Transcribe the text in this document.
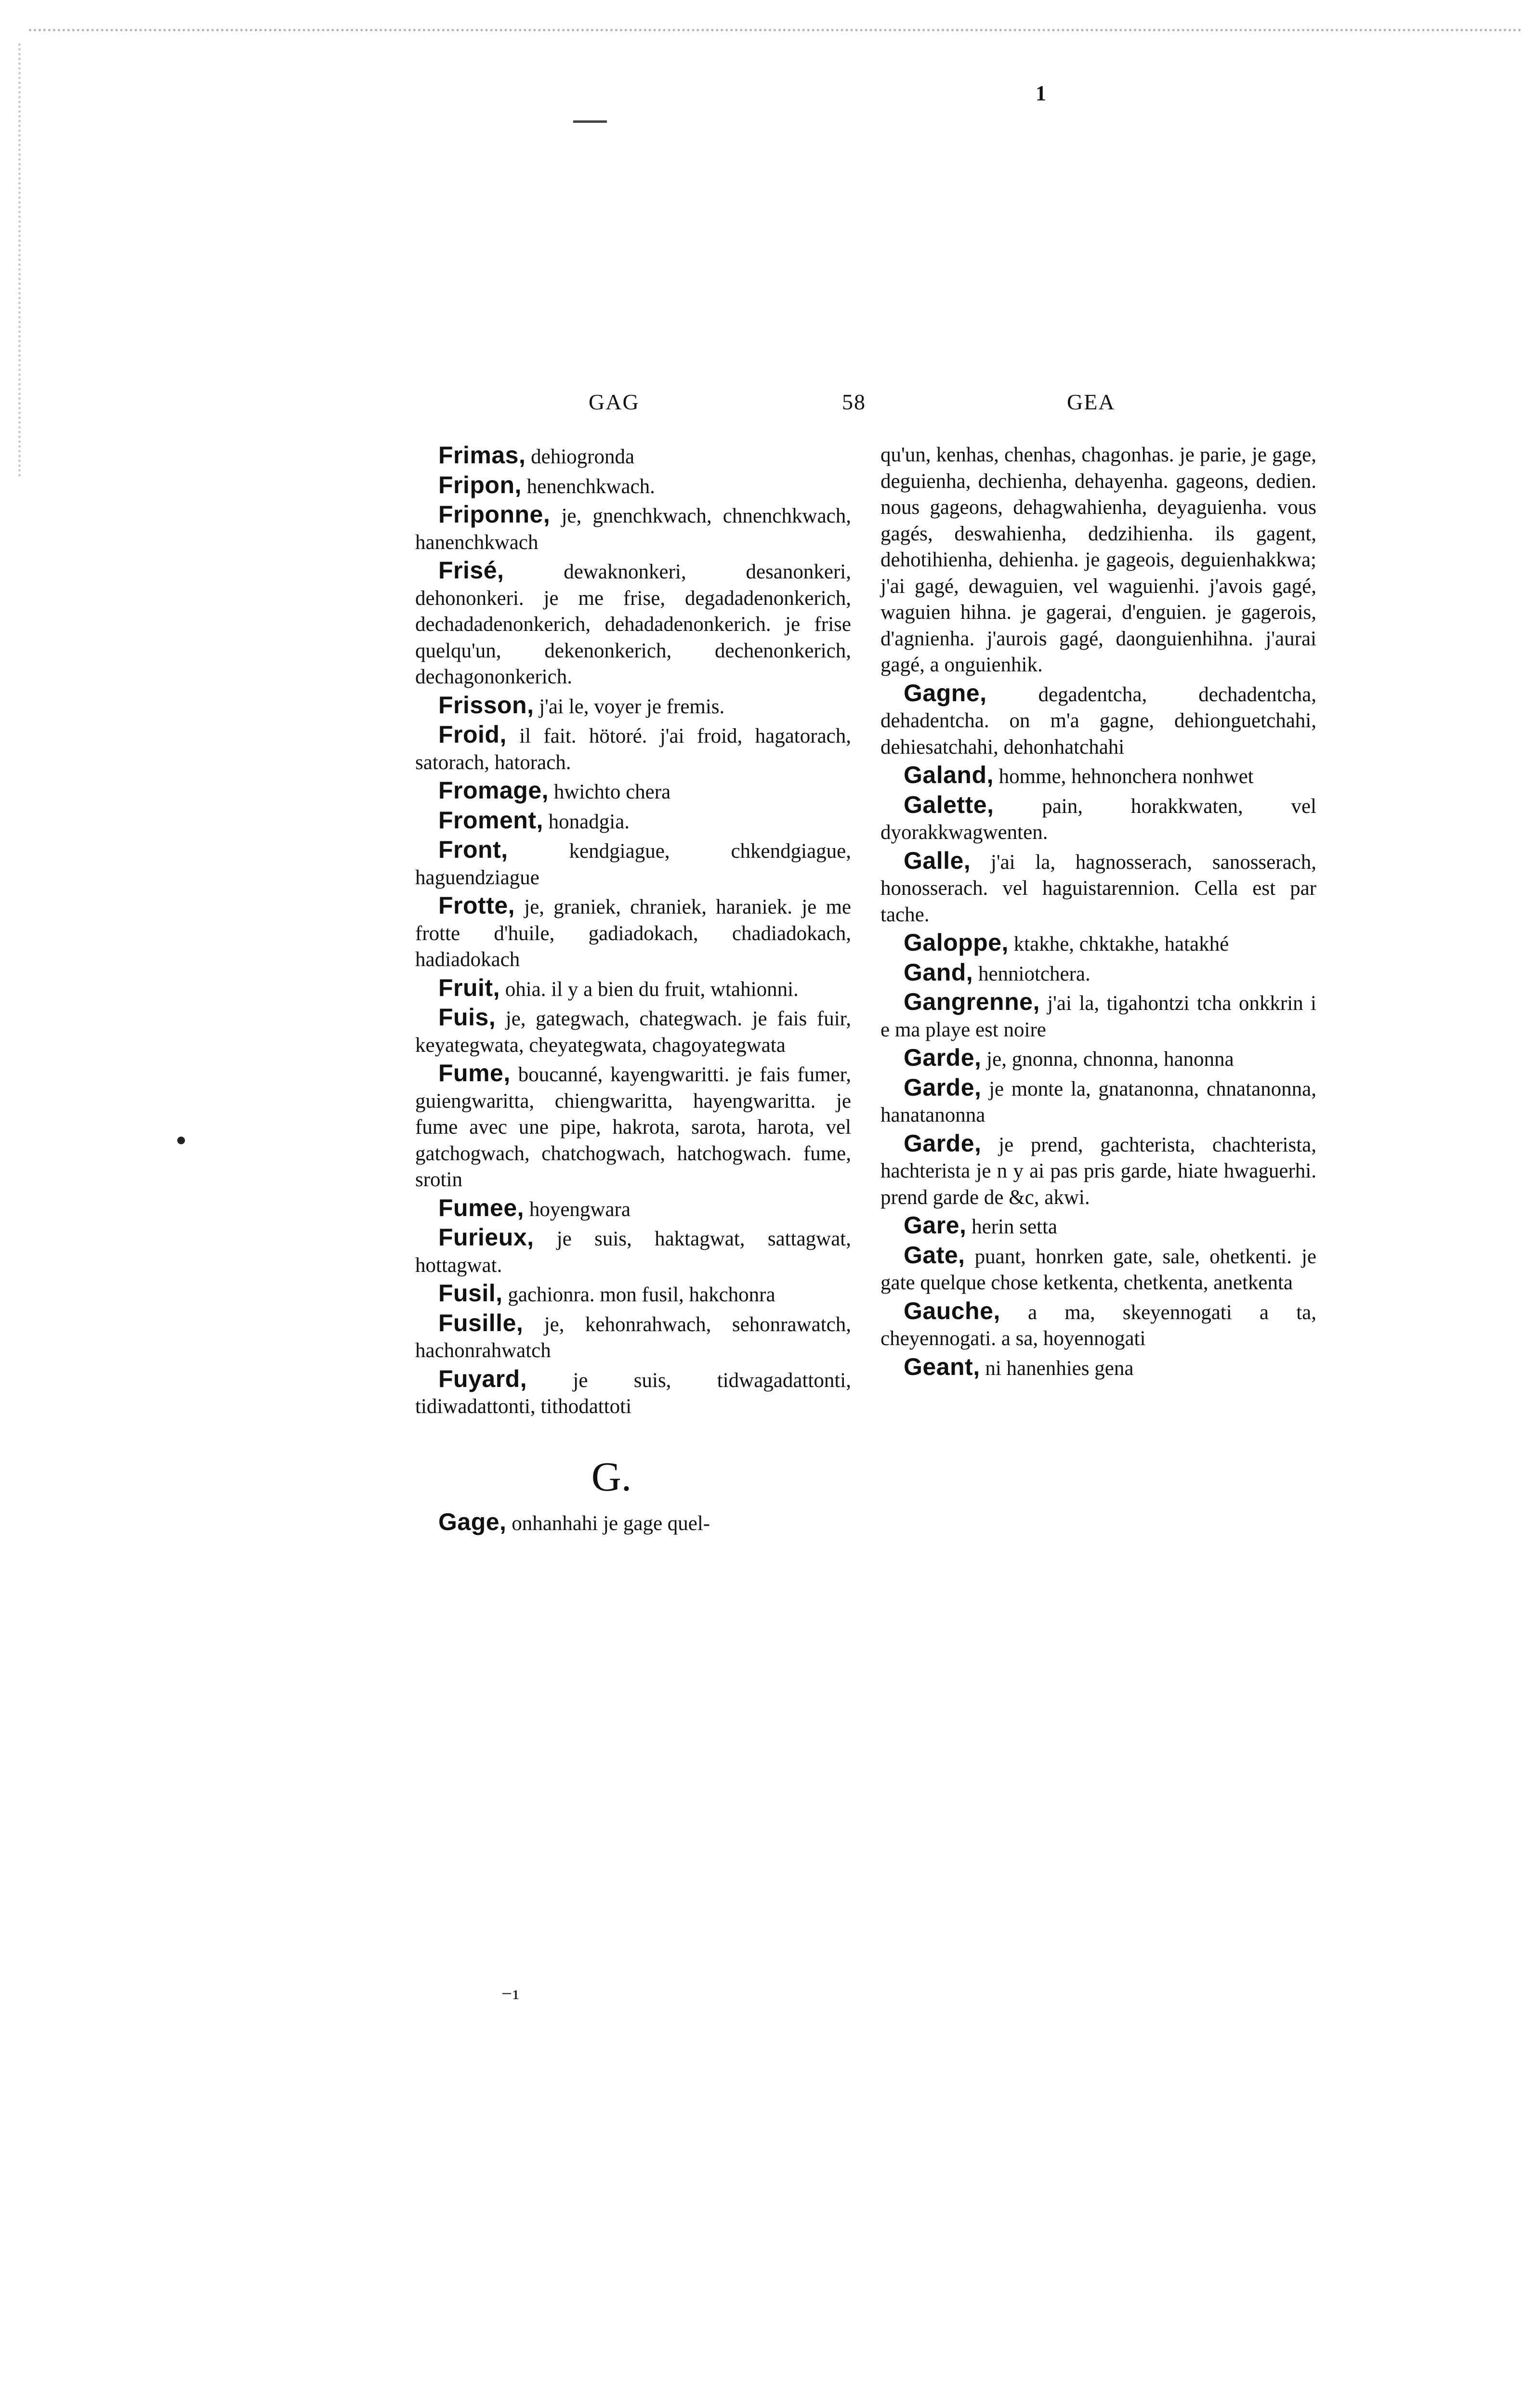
1
⁻¹
GAG	58	GEA
Frimas, dehiogronda
Fripon, henenchkwach.
Friponne, je, gnenchkwach, chnenchkwach, hanenchkwach
Frisé, dewaknonkeri, desanonkeri, dehononkeri. je me frise, degadadenonkerich, dechadadenonkerich, dehadadenonkerich. je frise quelqu'un, dekenonkerich, dechenonkerich, dechagononkerich.
Frisson, j'ai le, voyer je fremis.
Froid, il fait. hötoré. j'ai froid, hagatorach, satorach, hatorach.
Fromage, hwichto chera
Froment, honadgia.
Front, kendgiague, chkendgiague, haguendziague
Frotte, je, graniek, chraniek, haraniek. je me frotte d'huile, gadiadokach, chadiadokach, hadiadokach
Fruit, ohia. il y a bien du fruit, wtahionni.
Fuis, je, gategwach, chategwach. je fais fuir, keyategwata, cheyategwata, chagoyategwata
Fume, boucanné, kayengwaritti. je fais fumer, guiengwaritta, chiengwaritta, hayengwaritta. je fume avec une pipe, hakrota, sarota, harota, vel gatchogwach, chatchogwach, hatchogwach. fume, srotin
Fumee, hoyengwara
Furieux, je suis, haktagwat, sattagwat, hottagwat.
Fusil, gachionra. mon fusil, hakchonra
Fusille, je, kehonrahwach, sehonrawatch, hachonrahwatch
Fuyard, je suis, tidwagadattonti, tidiwadattonti, tithodattoti
G.
Gage, onhanhahi je gage quel-
qu'un, kenhas, chenhas, chagonhas. je parie, je gage, deguienha, dechienha, dehayenha. gageons, dedien. nous gageons, dehagwahienha, deyaguienha. vous gagés, deswahienha, dedzihienha. ils gagent, dehotihienha, dehienha. je gageois, deguienhakkwa; j'ai gagé, dewaguien, vel waguienhi. j'avois gagé, waguien hihna. je gagerai, d'enguien. je gagerois, d'agnienha. j'aurois gagé, daonguienhihna. j'aurai gagé, a onguienhik.
Gagne, degadentcha, dechadentcha, dehadentcha. on m'a gagne, dehionguetchahi, dehiesatchahi, dehonhatchahi
Galand, homme, hehnonchera nonhwet
Galette, pain, horakkwaten, vel dyorakkwagwenten.
Galle, j'ai la, hagnosserach, sanosserach, honosserach. vel haguistarennion. Cella est par tache.
Galoppe, ktakhe, chktakhe, hatakhé
Gand, henniotchera.
Gangrenne, j'ai la, tigahontzi tcha onkkrin i e ma playe est noire
Garde, je, gnonna, chnonna, hanonna
Garde, je monte la, gnatanonna, chnatanonna, hanatanonna
Garde, je prend, gachterista, chachterista, hachterista je n y ai pas pris garde, hiate hwaguerhi. prend garde de &c, akwi.
Gare, herin setta
Gate, puant, honrken gate, sale, ohetkenti. je gate quelque chose ketkenta, chetkenta, anetkenta
Gauche, a ma, skeyennogati a ta, cheyennogati. a sa, hoyennogati
Geant, ni hanenhies gena
